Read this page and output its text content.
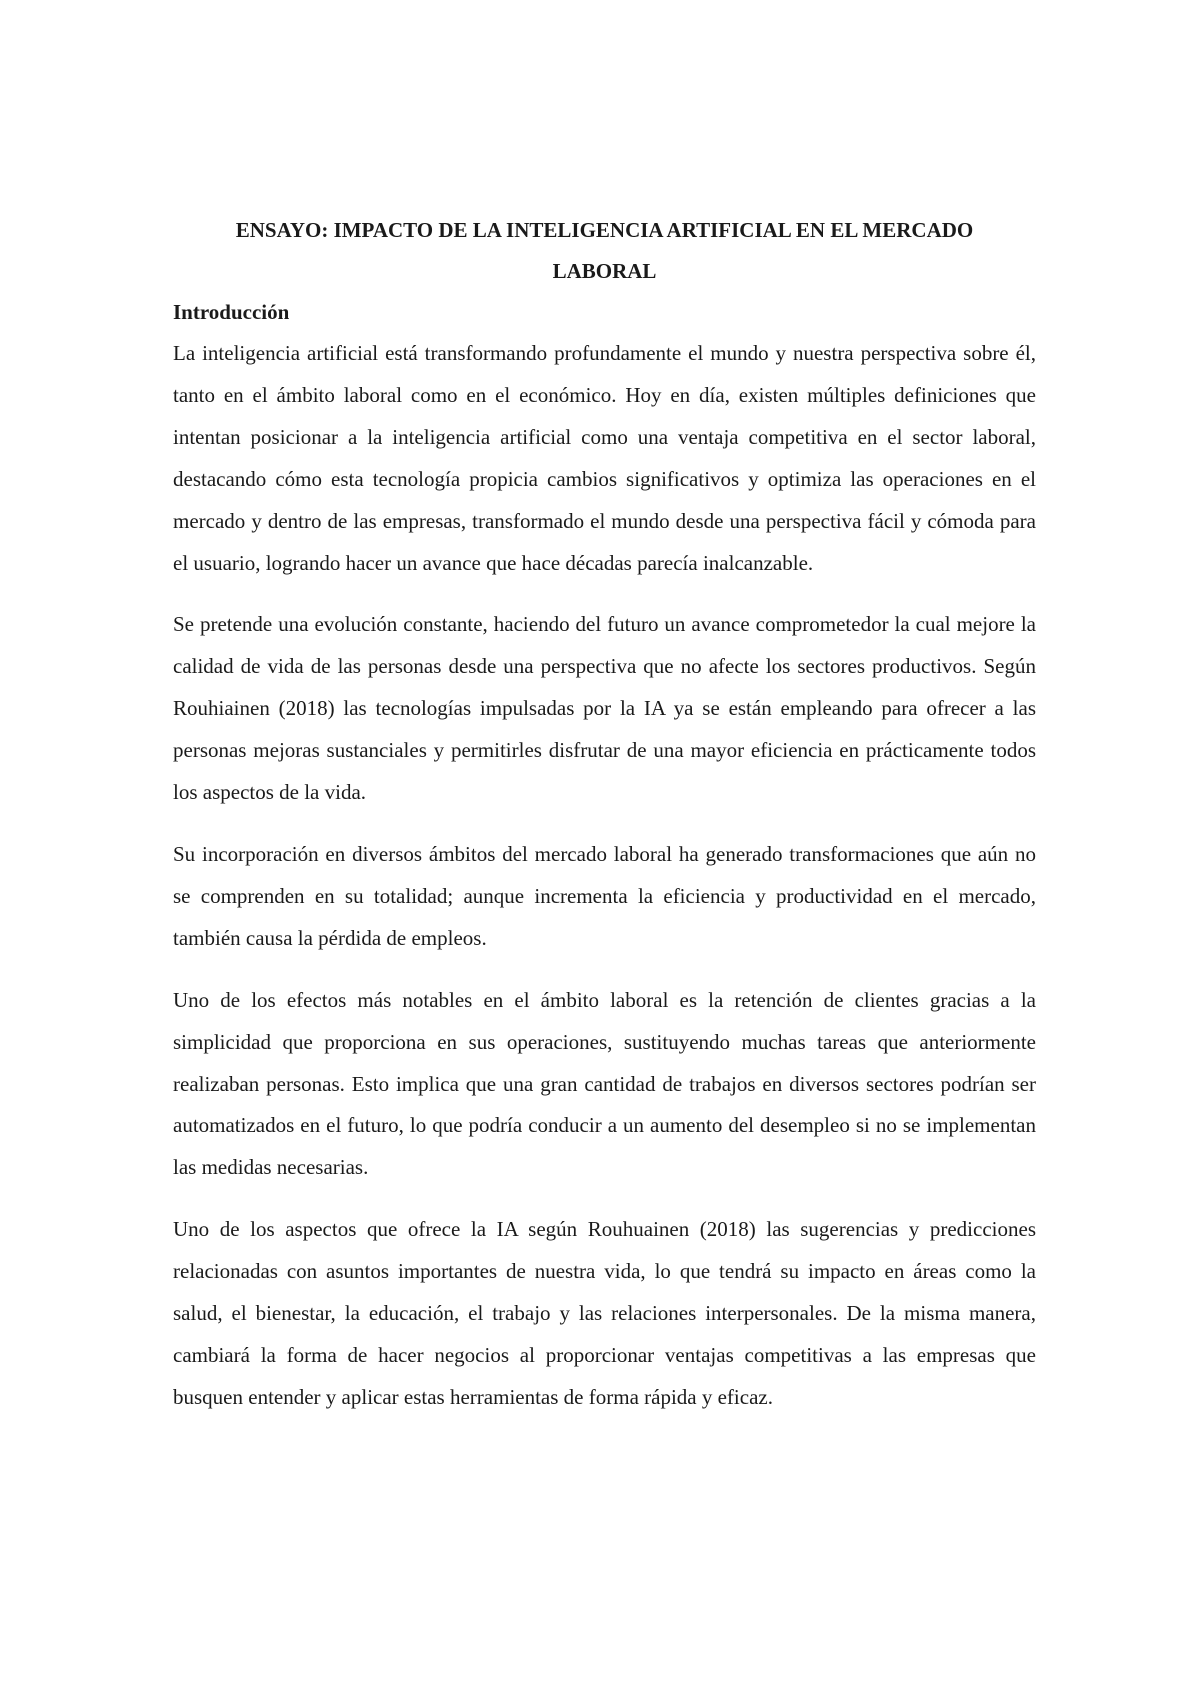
ENSAYO: IMPACTO DE LA INTELIGENCIA ARTIFICIAL EN EL MERCADO LABORAL
Introducción

La inteligencia artificial está transformando profundamente el mundo y nuestra perspectiva sobre él, tanto en el ámbito laboral como en el económico. Hoy en día, existen múltiples definiciones que intentan posicionar a la inteligencia artificial como una ventaja competitiva en el sector laboral, destacando cómo esta tecnología propicia cambios significativos y optimiza las operaciones en el mercado y dentro de las empresas, transformado el mundo desde una perspectiva fácil y cómoda para el usuario, logrando hacer un avance que hace décadas parecía inalcanzable.

Se pretende una evolución constante, haciendo del futuro un avance comprometedor la cual mejore la calidad de vida de las personas desde una perspectiva que no afecte los sectores productivos. Según Rouhiainen (2018) las tecnologías impulsadas por la IA ya se están empleando para ofrecer a las personas mejoras sustanciales y permitirles disfrutar de una mayor eficiencia en prácticamente todos los aspectos de la vida.

Su incorporación en diversos ámbitos del mercado laboral ha generado transformaciones que aún no se comprenden en su totalidad; aunque incrementa la eficiencia y productividad en el mercado, también causa la pérdida de empleos.

Uno de los efectos más notables en el ámbito laboral es la retención de clientes gracias a la simplicidad que proporciona en sus operaciones, sustituyendo muchas tareas que anteriormente realizaban personas. Esto implica que una gran cantidad de trabajos en diversos sectores podrían ser automatizados en el futuro, lo que podría conducir a un aumento del desempleo si no se implementan las medidas necesarias.

Uno de los aspectos que ofrece la IA según Rouhuainen (2018) las sugerencias y predicciones relacionadas con asuntos importantes de nuestra vida, lo que tendrá su impacto en áreas como la salud, el bienestar, la educación, el trabajo y las relaciones interpersonales. De la misma manera, cambiará la forma de hacer negocios al proporcionar ventajas competitivas a las empresas que busquen entender y aplicar estas herramientas de forma rápida y eficaz.
